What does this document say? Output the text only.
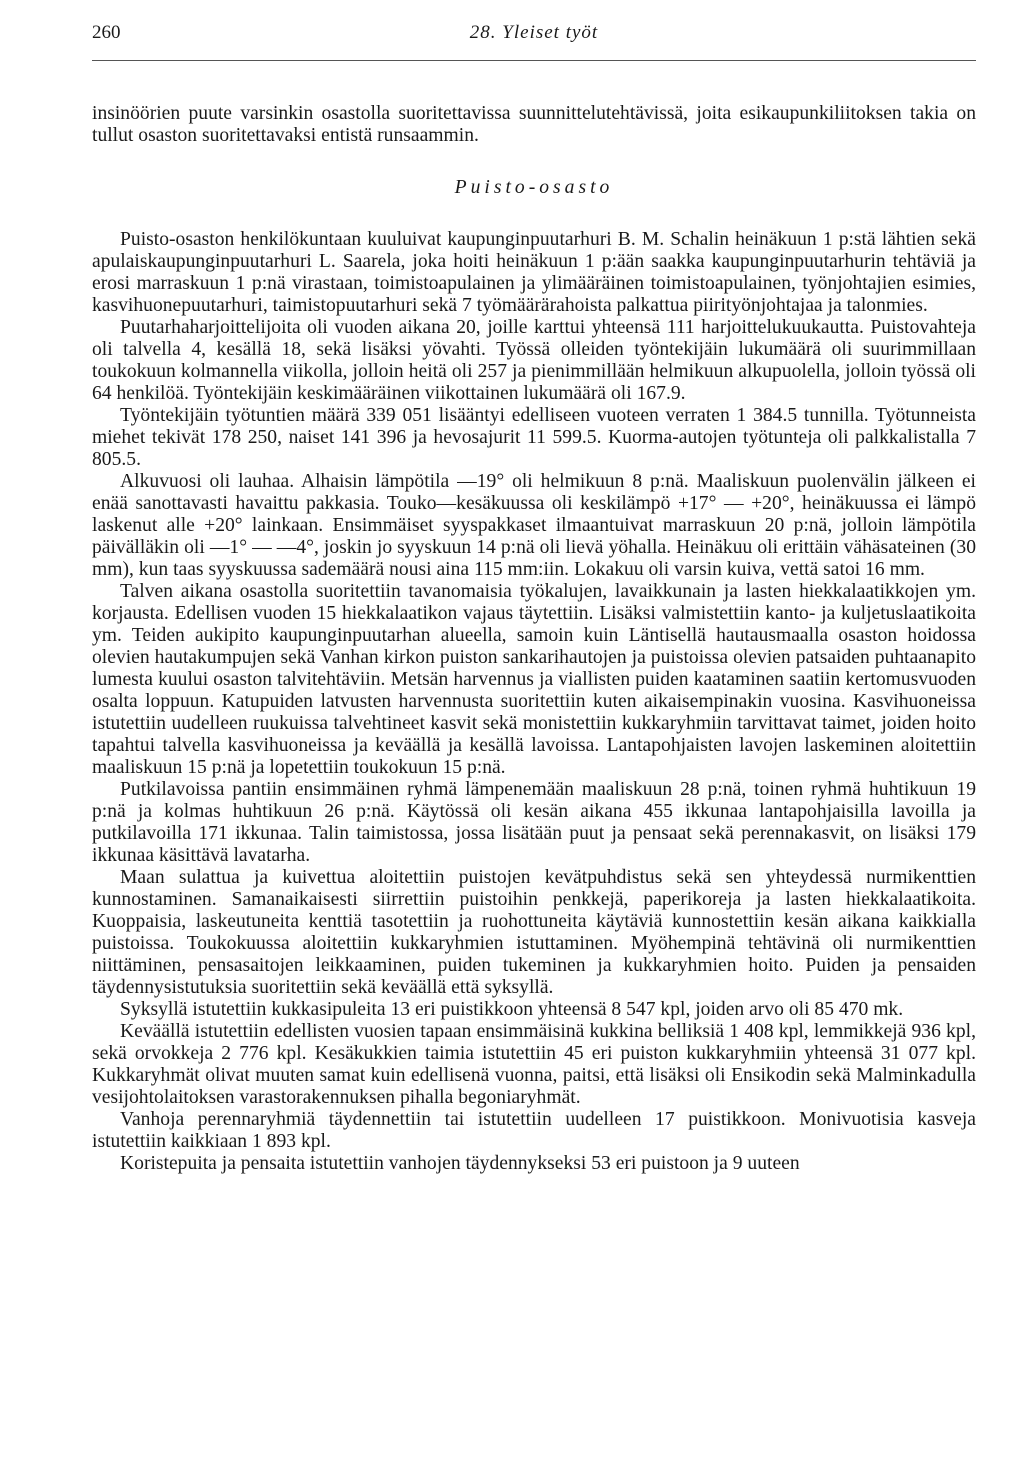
260	28. Yleiset työt

insinöörien puute varsinkin osastolla suoritettavissa suunnittelutehtävissä, joita esikaupunkiliitoksen takia on tullut osaston suoritettavaksi entistä runsaammin.

Puisto-osasto

Puisto-osaston henkilökuntaan kuuluivat kaupunginpuutarhuri B. M. Schalin heinäkuun 1 p:stä lähtien sekä apulaiskaupunginpuutarhuri L. Saarela, joka hoiti heinäkuun 1 p:ään saakka kaupunginpuutarhurin tehtäviä ja erosi marraskuun 1 p:nä virastaan, toimistoapulainen ja ylimääräinen toimistoapulainen, työnjohtajien esimies, kasvihuonepuutarhuri, taimistopuutarhuri sekä 7 työmäärärahoista palkattua piirityönjohtajaa ja talonmies.

Puutarhaharjoittelijoita oli vuoden aikana 20, joille karttui yhteensä 111 harjoittelukuukautta. Puistovahteja oli talvella 4, kesällä 18, sekä lisäksi yövahti. Työssä olleiden työntekijäin lukumäärä oli suurimmillaan toukokuun kolmannella viikolla, jolloin heitä oli 257 ja pienimmillään helmikuun alkupuolella, jolloin työssä oli 64 henkilöä. Työntekijäin keskimääräinen viikottainen lukumäärä oli 167.9.

Työntekijäin työtuntien määrä 339 051 lisääntyi edelliseen vuoteen verraten 1 384.5 tunnilla. Työtunneista miehet tekivät 178 250, naiset 141 396 ja hevosajurit 11 599.5. Kuorma-autojen työtunteja oli palkkalistalla 7 805.5.

Alkuvuosi oli lauhaa. Alhaisin lämpötila —19° oli helmikuun 8 p:nä. Maaliskuun puolenvälin jälkeen ei enää sanottavasti havaittu pakkasia. Touko—kesäkuussa oli keskilämpö +17° — +20°, heinäkuussa ei lämpö laskenut alle +20° lainkaan. Ensimmäiset syyspakkaset ilmaantuivat marraskuun 20 p:nä, jolloin lämpötila päivälläkin oli —1° — —4°, joskin jo syyskuun 14 p:nä oli lievä yöhalla. Heinäkuu oli erittäin vähäsateinen (30 mm), kun taas syyskuussa sademäärä nousi aina 115 mm:iin. Lokakuu oli varsin kuiva, vettä satoi 16 mm.

Talven aikana osastolla suoritettiin tavanomaisia työkalujen, lavaikkunain ja lasten hiekkalaatikkojen ym. korjausta. Edellisen vuoden 15 hiekkalaatikon vajaus täytettiin. Lisäksi valmistettiin kanto- ja kuljetuslaatikoita ym. Teiden aukipito kaupunginpuutarhan alueella, samoin kuin Läntisellä hautausmaalla osaston hoidossa olevien hautakumpujen sekä Vanhan kirkon puiston sankarihautojen ja puistoissa olevien patsaiden puhtaanapito lumesta kuului osaston talvitehtäviin. Metsän harvennus ja viallisten puiden kaataminen saatiin kertomusvuoden osalta loppuun. Katupuiden latvusten harvennusta suoritettiin kuten aikaisempinakin vuosina. Kasvihuoneissa istutettiin uudelleen ruukuissa talvehtineet kasvit sekä monistettiin kukkaryhmiin tarvittavat taimet, joiden hoito tapahtui talvella kasvihuoneissa ja keväällä ja kesällä lavoissa. Lantapohjaisten lavojen laskeminen aloitettiin maaliskuun 15 p:nä ja lopetettiin toukokuun 15 p:nä.

Putkilavoissa pantiin ensimmäinen ryhmä lämpenemään maaliskuun 28 p:nä, toinen ryhmä huhtikuun 19 p:nä ja kolmas huhtikuun 26 p:nä. Käytössä oli kesän aikana 455 ikkunaa lantapohjaisilla lavoilla ja putkilavoilla 171 ikkunaa. Talin taimistossa, jossa lisätään puut ja pensaat sekä perennakasvit, on lisäksi 179 ikkunaa käsittävä lavatarha.

Maan sulattua ja kuivettua aloitettiin puistojen kevätpuhdistus sekä sen yhteydessä nurmikenttien kunnostaminen. Samanaikaisesti siirrettiin puistoihin penkkejä, paperikoreja ja lasten hiekkalaatikoita. Kuoppaisia, laskeutuneita kenttiä tasotettiin ja ruohottuneita käytäviä kunnostettiin kesän aikana kaikkialla puistoissa. Toukokuussa aloitettiin kukkaryhmien istuttaminen. Myöhempinä tehtävinä oli nurmikenttien niittäminen, pensasaitojen leikkaaminen, puiden tukeminen ja kukkaryhmien hoito. Puiden ja pensaiden täydennysistutuksia suoritettiin sekä keväällä että syksyllä.

Syksyllä istutettiin kukkasipuleita 13 eri puistikkoon yhteensä 8 547 kpl, joiden arvo oli 85 470 mk.

Keväällä istutettiin edellisten vuosien tapaan ensimmäisinä kukkina belliksiä 1 408 kpl, lemmikkejä 936 kpl, sekä orvokkeja 2 776 kpl. Kesäkukkien taimia istutettiin 45 eri puiston kukkaryhmiin yhteensä 31 077 kpl. Kukkaryhmät olivat muuten samat kuin edellisenä vuonna, paitsi, että lisäksi oli Ensikodin sekä Malminkadulla vesijohtolaitoksen varastorakennuksen pihalla begoniaryhmät.

Vanhoja perennaryhmiä täydennettiin tai istutettiin uudelleen 17 puistikkoon. Monivuotisia kasveja istutettiin kaikkiaan 1 893 kpl.

Koristepuita ja pensaita istutettiin vanhojen täydennykseksi 53 eri puistoon ja 9 uuteen
